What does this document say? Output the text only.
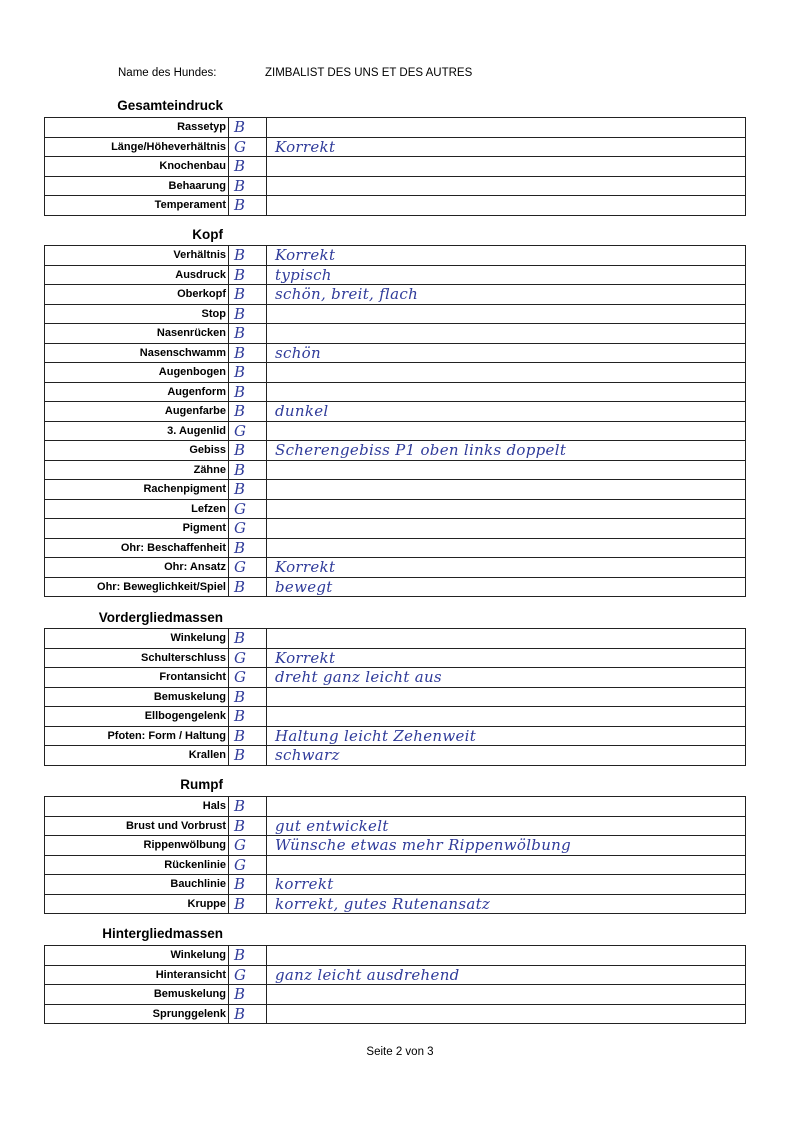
Name des Hundes:	ZIMBALIST DES UNS ET DES AUTRES
Gesamteindruck
Rassetyp	B	
Länge/Höheverhältnis	G	Korrekt
Knochenbau	B	
Behaarung	B	
Temperament	B	
Kopf
Verhältnis	B	Korrekt
Ausdruck	B	typisch
Oberkopf	B	schön, breit, flach
Stop	B	
Nasenrücken	B	
Nasenschwamm	B	schön
Augenbogen	B	
Augenform	B	
Augenfarbe	B	dunkel
3. Augenlid	G	
Gebiss	B	Scherengebiss P1 oben links doppelt
Zähne	B	
Rachenpigment	B	
Lefzen	G	
Pigment	G	
Ohr: Beschaffenheit	B	
Ohr: Ansatz	G	Korrekt
Ohr: Beweglichkeit/Spiel	B	bewegt
Vordergliedmassen
Winkelung	B	
Schulterschluss	G	Korrekt
Frontansicht	G	dreht ganz leicht aus
Bemuskelung	B	
Ellbogengelenk	B	
Pfoten: Form / Haltung	B	Haltung leicht Zehenweit
Krallen	B	schwarz
Rumpf
Hals	B	
Brust und Vorbrust	B	gut entwickelt
Rippenwölbung	G	Wünsche etwas mehr Rippenwölbung
Rückenlinie	G	
Bauchlinie	B	korrekt
Kruppe	B	korrekt, gutes Rutenansatz
Hintergliedmassen
Winkelung	B	
Hinteransicht	G	ganz leicht ausdrehend
Bemuskelung	B	
Sprunggelenk	B	
Seite 2 von 3
